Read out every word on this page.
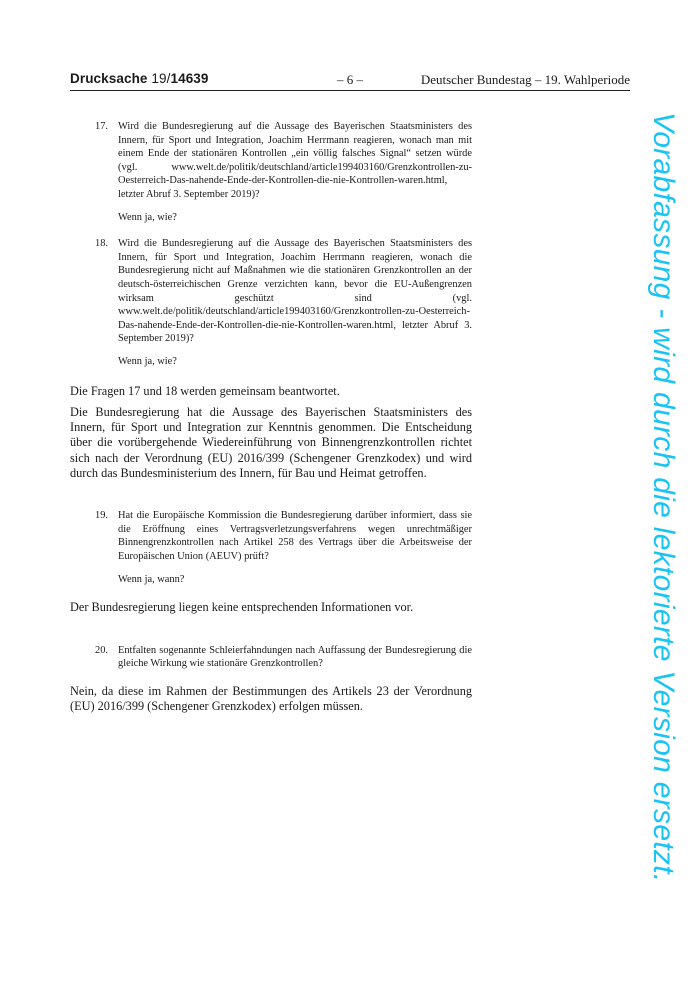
Drucksache 19/14639	– 6 –	Deutscher Bundestag – 19. Wahlperiode
17. Wird die Bundesregierung auf die Aussage des Bayerischen Staatsministers des Innern, für Sport und Integration, Joachim Herrmann reagieren, wonach man mit einem Ende der stationären Kontrollen „ein völlig falsches Signal“ setzen würde (vgl. www.welt.de/politik/deutschland/article199403160/Grenzkontrollen-zu-Oesterreich-Das-nahende-Ende-der-Kontrollen-die-nie-Kontrollen-waren.html, letzter Abruf 3. September 2019)?

Wenn ja, wie?

18. Wird die Bundesregierung auf die Aussage des Bayerischen Staatsministers des Innern, für Sport und Integration, Joachim Herrmann reagieren, wonach die Bundesregierung nicht auf Maßnahmen wie die stationären Grenzkontrollen an der deutsch-österreichischen Grenze verzichten kann, bevor die EU-Außengrenzen wirksam geschützt sind (vgl. www.welt.de/politik/deutschland/article199403160/Grenzkontrollen-zu-Oesterreich-Das-nahende-Ende-der-Kontrollen-die-nie-Kontrollen-waren.html, letzter Abruf 3. September 2019)?

Wenn ja, wie?

Die Fragen 17 und 18 werden gemeinsam beantwortet.

Die Bundesregierung hat die Aussage des Bayerischen Staatsministers des Innern, für Sport und Integration zur Kenntnis genommen. Die Entscheidung über die vorübergehende Wiedereinführung von Binnengrenzkontrollen richtet sich nach der Verordnung (EU) 2016/399 (Schengener Grenzkodex) und wird durch das Bundesministerium des Innern, für Bau und Heimat getroffen.

19. Hat die Europäische Kommission die Bundesregierung darüber informiert, dass sie die Eröffnung eines Vertragsverletzungsverfahrens wegen unrechtmäßiger Binnengrenzkontrollen nach Artikel 258 des Vertrags über die Arbeitsweise der Europäischen Union (AEUV) prüft?

Wenn ja, wann?

Der Bundesregierung liegen keine entsprechenden Informationen vor.

20. Entfalten sogenannte Schleierfahndungen nach Auffassung der Bundesregierung die gleiche Wirkung wie stationäre Grenzkontrollen?

Nein, da diese im Rahmen der Bestimmungen des Artikels 23 der Verordnung (EU) 2016/399 (Schengener Grenzkodex) erfolgen müssen.	Vorabfassung - wird durch die lektorierte Version ersetzt.
